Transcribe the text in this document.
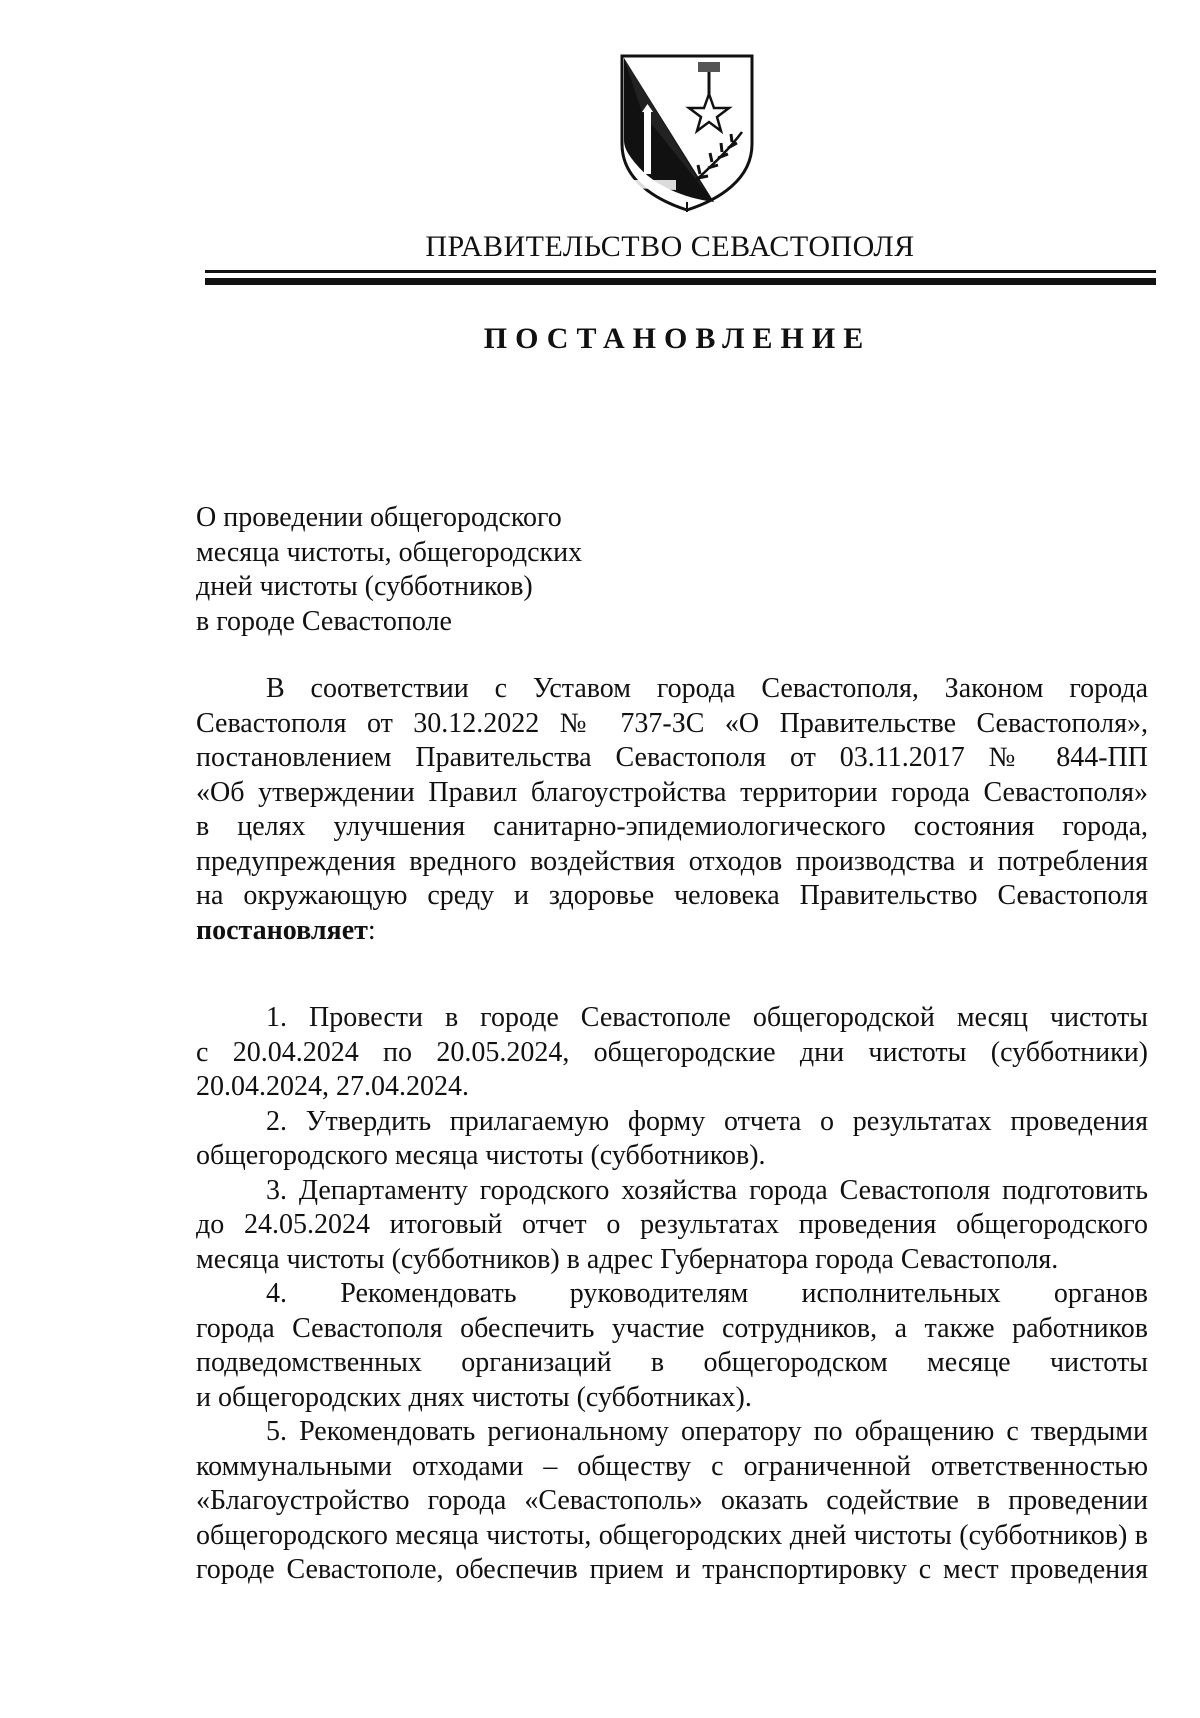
ПРАВИТЕЛЬСТВО СЕВАСТОПОЛЯ
ПОСТАНОВЛЕНИЕ
О проведении общегородского
месяца чистоты, общегородских
дней чистоты (субботников)
в городе Севастополе
В соответствии с Уставом города Севастополя, Законом города
Севастополя от 30.12.2022 № 737-ЗС «О Правительстве Севастополя»,
постановлением Правительства Севастополя от 03.11.2017 № 844-ПП
«Об утверждении Правил благоустройства территории города Севастополя»
в целях улучшения санитарно-эпидемиологического состояния города,
предупреждения вредного воздействия отходов производства и потребления
на окружающую среду и здоровье человека Правительство Севастополя
постановляет:
1. Провести в городе Севастополе общегородской месяц чистоты
с 20.04.2024 по 20.05.2024, общегородские дни чистоты (субботники)
20.04.2024, 27.04.2024.
2. Утвердить прилагаемую форму отчета о результатах проведения
общегородского месяца чистоты (субботников).
3. Департаменту городского хозяйства города Севастополя подготовить
до 24.05.2024 итоговый отчет о результатах проведения общегородского
месяца чистоты (субботников) в адрес Губернатора города Севастополя.
4. Рекомендовать руководителям исполнительных органов
города Севастополя обеспечить участие сотрудников, а также работников
подведомственных организаций в общегородском месяце чистоты
и общегородских днях чистоты (субботниках).
5. Рекомендовать региональному оператору по обращению с твердыми
коммунальными отходами – обществу с ограниченной ответственностью
«Благоустройство города «Севастополь» оказать содействие в проведении
общегородского месяца чистоты, общегородских дней чистоты (субботников) в
городе Севастополе, обеспечив прием и транспортировку с мест проведения
